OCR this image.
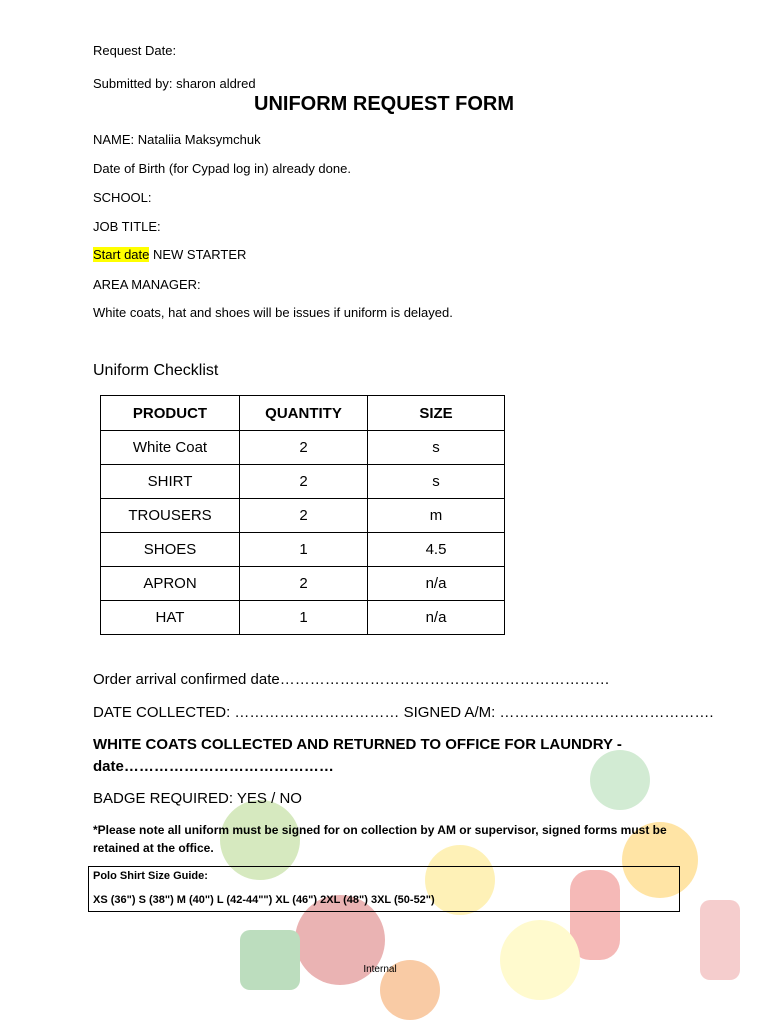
Request Date:
Submitted by: sharon aldred
UNIFORM REQUEST FORM
NAME: Nataliia Maksymchuk
Date of Birth (for Cypad log in) already done.
SCHOOL:
JOB TITLE:
Start date NEW STARTER
AREA MANAGER:
White coats, hat and shoes will be issues if uniform is delayed.
Uniform Checklist
PRODUCT	QUANTITY	SIZE
White Coat	2	s
SHIRT	2	s
TROUSERS	2	m
SHOES	1	4.5
APRON	2	n/a
HAT	1	n/a
Order arrival confirmed date…………………………………………………………
DATE COLLECTED: …………………………… SIGNED A/M: …………………………………….
WHITE COATS COLLECTED AND RETURNED TO OFFICE FOR LAUNDRY -
date……………………………………
BADGE REQUIRED: YES / NO
*Please note all uniform must be signed for on collection by AM or supervisor, signed forms must be retained at the office.
Polo Shirt Size Guide:
XS (36") S (38") M (40") L (42-44"") XL (46") 2XL (48") 3XL (50-52")
Internal
